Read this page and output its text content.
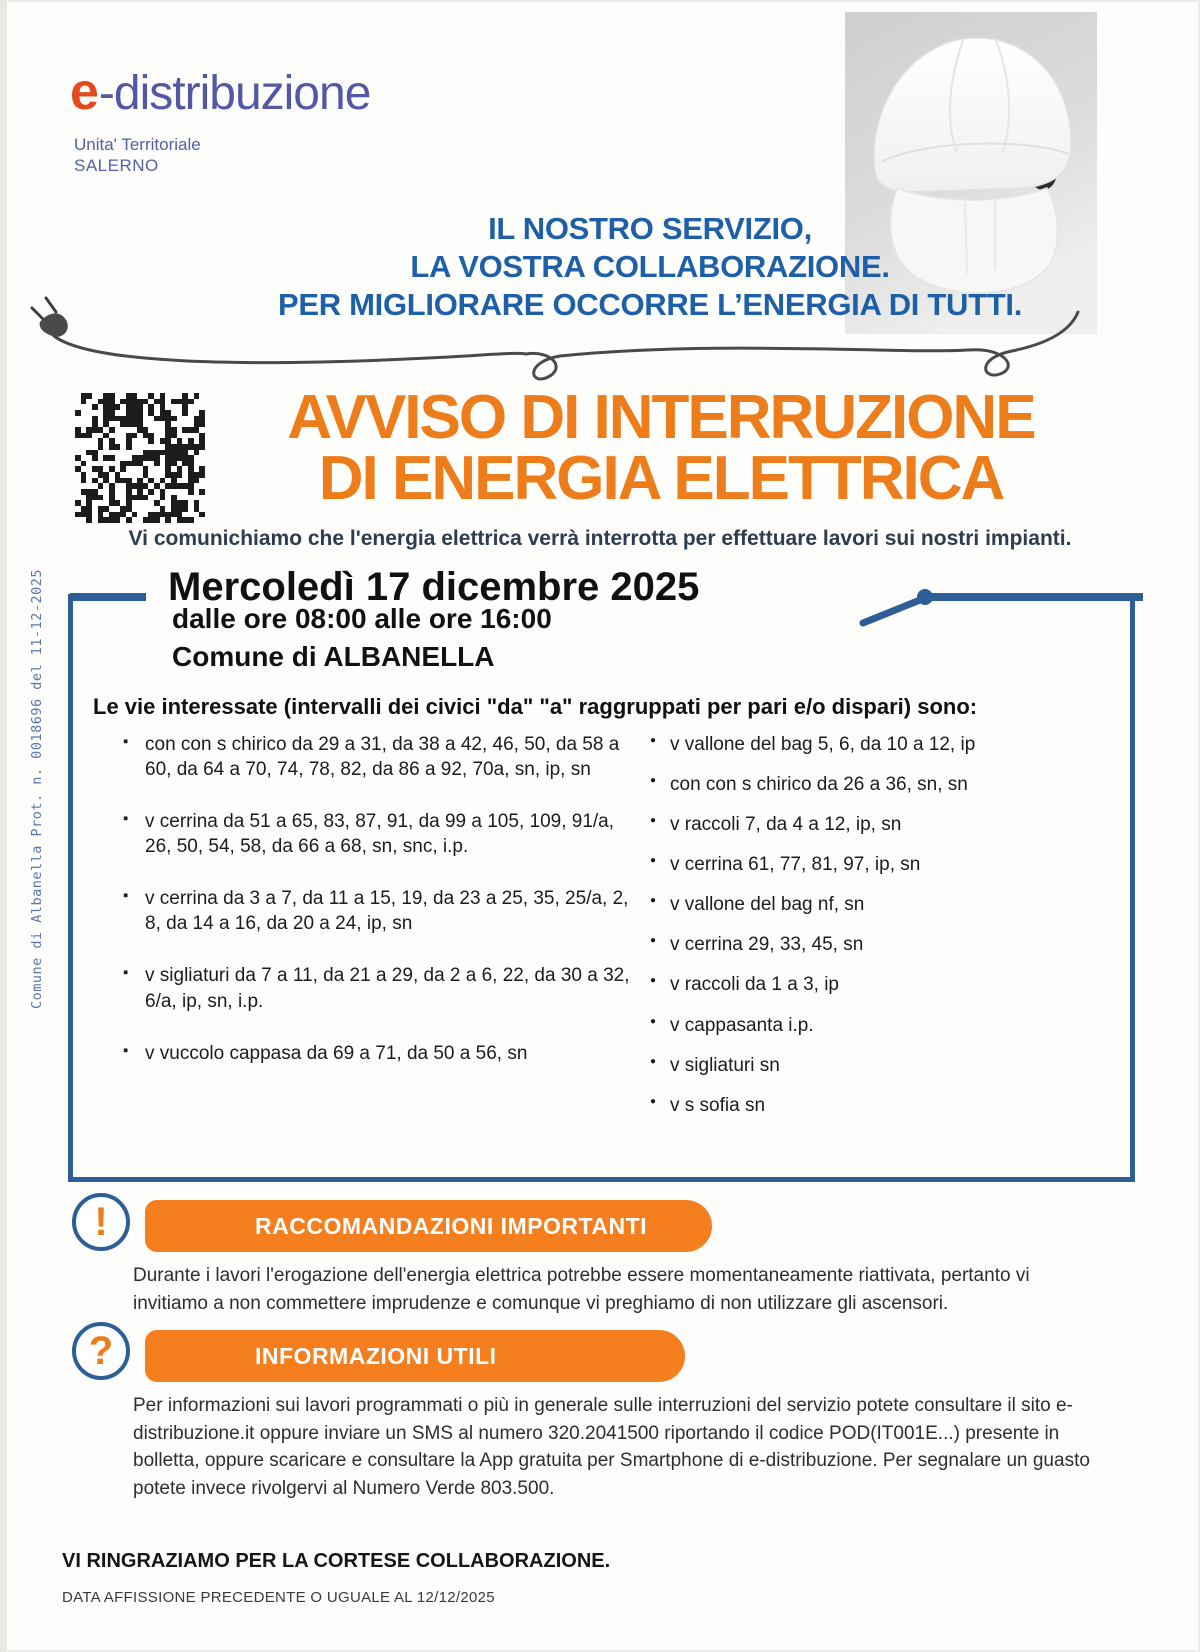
e-distribuzione
Unita' Territoriale
SALERNO
IL NOSTRO SERVIZIO,
LA VOSTRA COLLABORAZIONE.
PER MIGLIORARE OCCORRE L’ENERGIA DI TUTTI.
AVVISO DI INTERRUZIONE
DI ENERGIA ELETTRICA
Vi comunichiamo che l'energia elettrica verrà interrotta per effettuare lavori sui nostri impianti.
Comune di Albanella Prot. n. 0018696 del 11-12-2025	Mercoledì 17 dicembre 2025
dalle ore 08:00 alle ore 16:00
Comune di ALBANELLA
Le vie interessate (intervalli dei civici "da" "a" raggruppati per pari e/o dispari) sono:
▪ con con s chirico da 29 a 31, da 38 a 42, 46, 50, da 58 a 60, da 64 a 70, 74, 78, 82, da 86 a 92, 70a, sn, ip, sn
▪ v cerrina da 51 a 65, 83, 87, 91, da 99 a 105, 109, 91/a, 26, 50, 54, 58, da 66 a 68, sn, snc, i.p.
▪ v cerrina da 3 a 7, da 11 a 15, 19, da 23 a 25, 35, 25/a, 2, 8, da 14 a 16, da 20 a 24, ip, sn
▪ v sigliaturi da 7 a 11, da 21 a 29, da 2 a 6, 22, da 30 a 32, 6/a, ip, sn, i.p.
▪ v vuccolo cappasa da 69 a 71, da 50 a 56, sn
● v vallone del bag 5, 6, da 10 a 12, ip
● con con s chirico da 26 a 36, sn, sn
● v raccoli 7, da 4 a 12, ip, sn
● v cerrina 61, 77, 81, 97, ip, sn
● v vallone del bag nf, sn
● v cerrina 29, 33, 45, sn
● v raccoli da 1 a 3, ip
● v cappasanta i.p.
● v sigliaturi sn
● v s sofia sn
!	RACCOMANDAZIONI IMPORTANTI
Durante i lavori l'erogazione dell'energia elettrica potrebbe essere momentaneamente riattivata, pertanto vi invitiamo a non commettere imprudenze e comunque vi preghiamo di non utilizzare gli ascensori.
?	INFORMAZIONI UTILI
Per informazioni sui lavori programmati o più in generale sulle interruzioni del servizio potete consultare il sito e-distribuzione.it oppure inviare un SMS al numero 320.2041500 riportando il codice POD(IT001E...) presente in bolletta, oppure scaricare e consultare la App gratuita per Smartphone di e-distribuzione. Per segnalare un guasto potete invece rivolgervi al Numero Verde 803.500.
VI RINGRAZIAMO PER LA CORTESE COLLABORAZIONE.
DATA AFFISSIONE PRECEDENTE O UGUALE AL 12/12/2025
